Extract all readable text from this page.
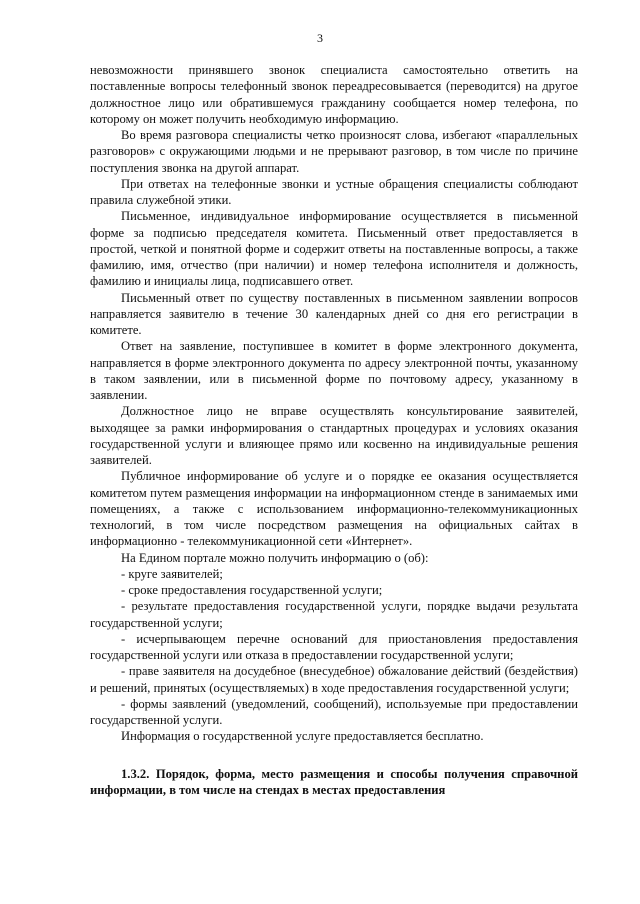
3

невозможности принявшего звонок специалиста самостоятельно ответить на поставленные вопросы телефонный звонок переадресовывается (переводится) на другое должностное лицо или обратившемуся гражданину сообщается номер телефона, по которому он может получить необходимую информацию.

Во время разговора специалисты четко произносят слова, избегают «параллельных разговоров» с окружающими людьми и не прерывают разговор, в том числе по причине поступления звонка на другой аппарат.

При ответах на телефонные звонки и устные обращения специалисты соблюдают правила служебной этики.

Письменное, индивидуальное информирование осуществляется в письменной форме за подписью председателя комитета. Письменный ответ предоставляется в простой, четкой и понятной форме и содержит ответы на поставленные вопросы, а также фамилию, имя, отчество (при наличии) и номер телефона исполнителя и должность, фамилию и инициалы лица, подписавшего ответ.

Письменный ответ по существу поставленных в письменном заявлении вопросов направляется заявителю в течение 30 календарных дней со дня его регистрации в комитете.

Ответ на заявление, поступившее в комитет в форме электронного документа, направляется в форме электронного документа по адресу электронной почты, указанному в таком заявлении, или в письменной форме по почтовому адресу, указанному в заявлении.

Должностное лицо не вправе осуществлять консультирование заявителей, выходящее за рамки информирования о стандартных процедурах и условиях оказания государственной услуги и влияющее прямо или косвенно на индивидуальные решения заявителей.

Публичное информирование об услуге и о порядке ее оказания осуществляется комитетом путем размещения информации на информационном стенде в занимаемых ими помещениях, а также с использованием информационно-телекоммуникационных технологий, в том числе посредством размещения на официальных сайтах в информационно - телекоммуникационной сети «Интернет».

На Едином портале можно получить информацию о (об):

- круге заявителей;

- сроке предоставления государственной услуги;

- результате предоставления государственной услуги, порядке выдачи результата государственной услуги;

- исчерпывающем перечне оснований для приостановления предоставления государственной услуги или отказа в предоставлении государственной услуги;

- праве заявителя на досудебное (внесудебное) обжалование действий (бездействия) и решений, принятых (осуществляемых) в ходе предоставления государственной услуги;

- формы заявлений (уведомлений, сообщений), используемые при предоставлении государственной услуги.

Информация о государственной услуге предоставляется бесплатно.

1.3.2. Порядок, форма, место размещения и способы получения справочной информации, в том числе на стендах в местах предоставления
